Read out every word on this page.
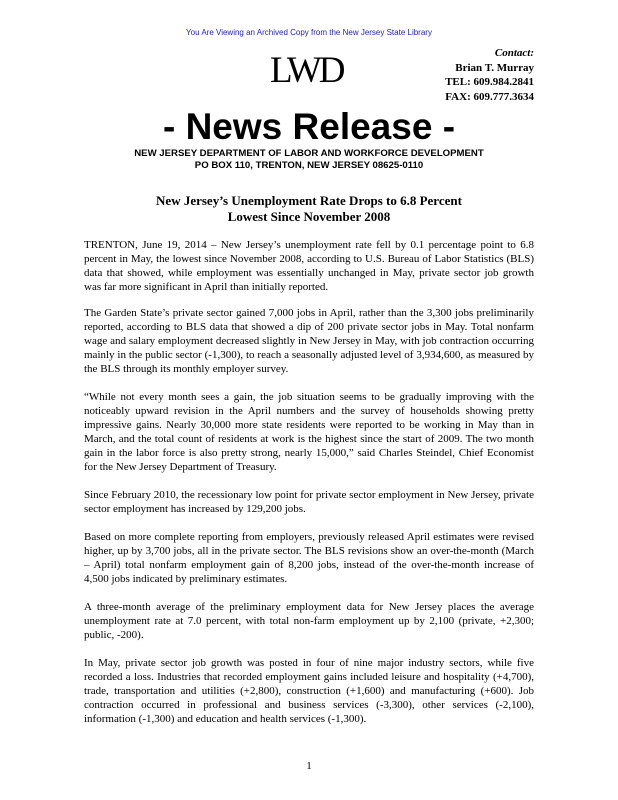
You Are Viewing an Archived Copy from the New Jersey State Library
LWD	Contact:
Brian T. Murray
TEL: 609.984.2841
FAX: 609.777.3634
- News Release -
NEW JERSEY DEPARTMENT OF LABOR AND WORKFORCE DEVELOPMENT
PO BOX 110, TRENTON, NEW JERSEY 08625-0110
New Jersey’s Unemployment Rate Drops to 6.8 Percent
Lowest Since November 2008
TRENTON, June 19, 2014 – New Jersey’s unemployment rate fell by 0.1 percentage point to 6.8 percent in May, the lowest since November 2008, according to U.S. Bureau of Labor Statistics (BLS) data that showed, while employment was essentially unchanged in May, private sector job growth was far more significant in April than initially reported.
The Garden State’s private sector gained 7,000 jobs in April, rather than the 3,300 jobs preliminarily reported, according to BLS data that showed a dip of 200 private sector jobs in May. Total nonfarm wage and salary employment decreased slightly in New Jersey in May, with job contraction occurring mainly in the public sector (-1,300), to reach a seasonally adjusted level of 3,934,600, as measured by the BLS through its monthly employer survey.
“While not every month sees a gain, the job situation seems to be gradually improving with the noticeably upward revision in the April numbers and the survey of households showing pretty impressive gains. Nearly 30,000 more state residents were reported to be working in May than in March, and the total count of residents at work is the highest since the start of 2009. The two month gain in the labor force is also pretty strong, nearly 15,000,” said Charles Steindel, Chief Economist for the New Jersey Department of Treasury.
Since February 2010, the recessionary low point for private sector employment in New Jersey, private sector employment has increased by 129,200 jobs.
Based on more complete reporting from employers, previously released April estimates were revised higher, up by 3,700 jobs, all in the private sector. The BLS revisions show an over-the-month (March – April) total nonfarm employment gain of 8,200 jobs, instead of the over-the-month increase of 4,500 jobs indicated by preliminary estimates.
A three-month average of the preliminary employment data for New Jersey places the average unemployment rate at 7.0 percent, with total non-farm employment up by 2,100 (private, +2,300; public, -200).
In May, private sector job growth was posted in four of nine major industry sectors, while five recorded a loss. Industries that recorded employment gains included leisure and hospitality (+4,700), trade, transportation and utilities (+2,800), construction (+1,600) and manufacturing (+600). Job contraction occurred in professional and business services (-3,300), other services (-2,100), information (-1,300) and education and health services (-1,300).
1
